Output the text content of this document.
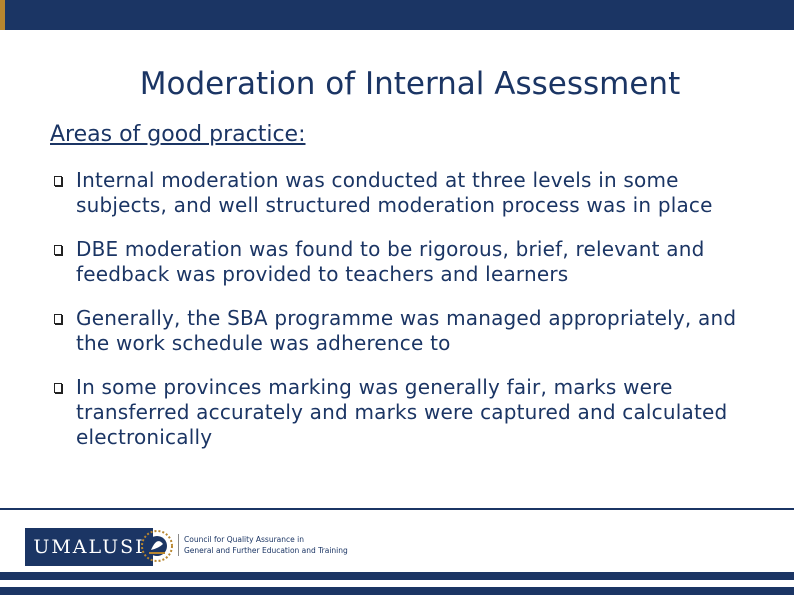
Moderation of Internal Assessment
Areas of good practice:
Internal moderation was conducted at three levels in some subjects, and well structured moderation process was in place
DBE moderation was found to be rigorous, brief, relevant and feedback was provided to teachers and learners
Generally, the SBA programme was managed appropriately, and the work schedule was adherence to
In some provinces marking was generally fair, marks were transferred accurately and marks were captured and calculated electronically
UMALUSI	Council for Quality Assurance in
General and Further Education and Training
